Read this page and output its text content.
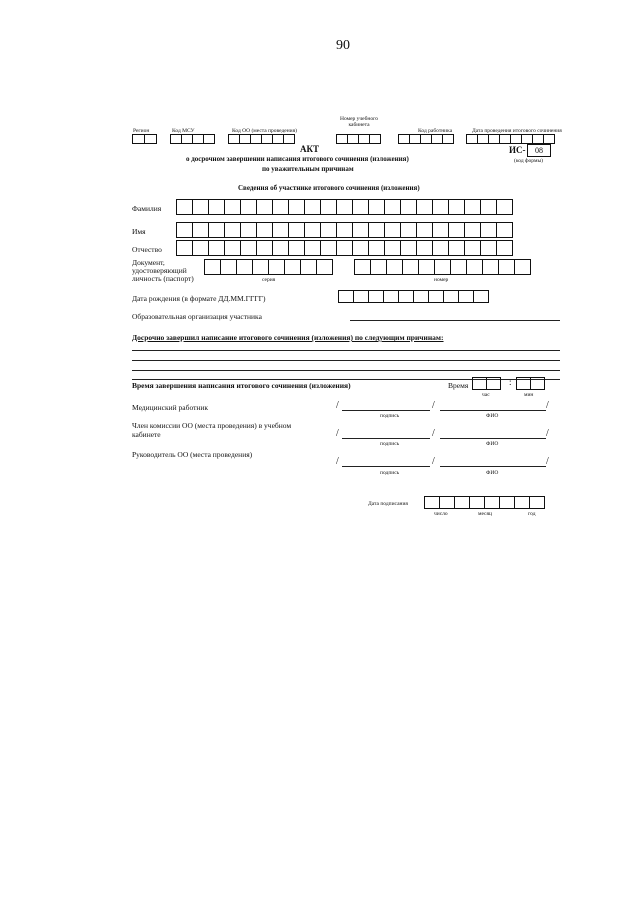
90
Регион	Код МСУ	Код ОО (места проведения)
Номер учебного кабинета
Код работника	Дата проведения итогового сочинения
АКТ
о досрочном завершении написания итогового сочинения (изложения)
по уважительным причинам
ИС-	08
(код формы)
Сведения об участнике итогового сочинения (изложения)
Фамилия
Имя
Отчество
Документ,
удостоверяющий
личность (паспорт)	серия	номер
Дата рождения (в формате ДД.ММ.ГГГГ)
Образовательная организация участника
Досрочно завершил написание итогового сочинения (изложения) по следующим причинам:
Время завершения написания итогового сочинения (изложения)	Время	:
час	мин
Медицинский работник	/	/	/
подпись	ФИО
Член комиссии ОО (места проведения) в учебном
кабинете	/	/	/
подпись	ФИО
Руководитель ОО (места проведения)
/	/	/
подпись	ФИО
Дата подписания
число	месяц	год
